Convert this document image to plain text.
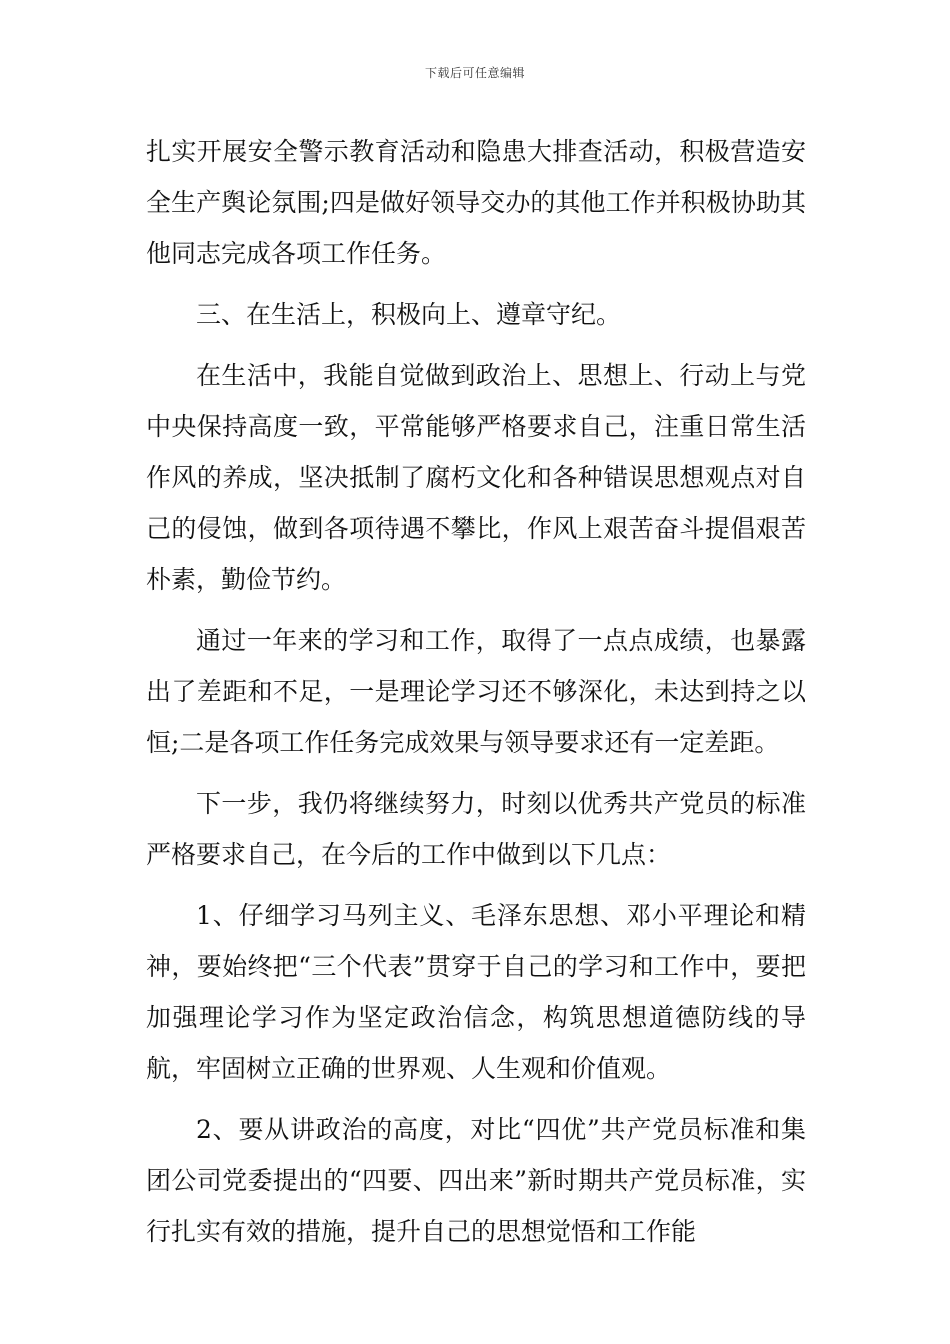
下载后可任意编辑

扎实开展安全警示教育活动和隐患大排查活动，积极营造安全生产舆论氛围;四是做好领导交办的其他工作并积极协助其他同志完成各项工作任务。

三、在生活上，积极向上、遵章守纪。

在生活中，我能自觉做到政治上、思想上、行动上与党中央保持高度一致，平常能够严格要求自己，注重日常生活作风的养成，坚决抵制了腐朽文化和各种错误思想观点对自己的侵蚀，做到各项待遇不攀比，作风上艰苦奋斗提倡艰苦朴素，勤俭节约。

通过一年来的学习和工作，取得了一点点成绩，也暴露出了差距和不足，一是理论学习还不够深化，未达到持之以恒;二是各项工作任务完成效果与领导要求还有一定差距。

下一步，我仍将继续努力，时刻以优秀共产党员的标准严格要求自己，在今后的工作中做到以下几点：

1、仔细学习马列主义、毛泽东思想、邓小平理论和精神，要始终把“三个代表”贯穿于自己的学习和工作中，要把加强理论学习作为坚定政治信念，构筑思想道德防线的导航，牢固树立正确的世界观、人生观和价值观。

2、要从讲政治的高度，对比“四优”共产党员标准和集团公司党委提出的“四要、四出来”新时期共产党员标准，实行扎实有效的措施，提升自己的思想觉悟和工作能
